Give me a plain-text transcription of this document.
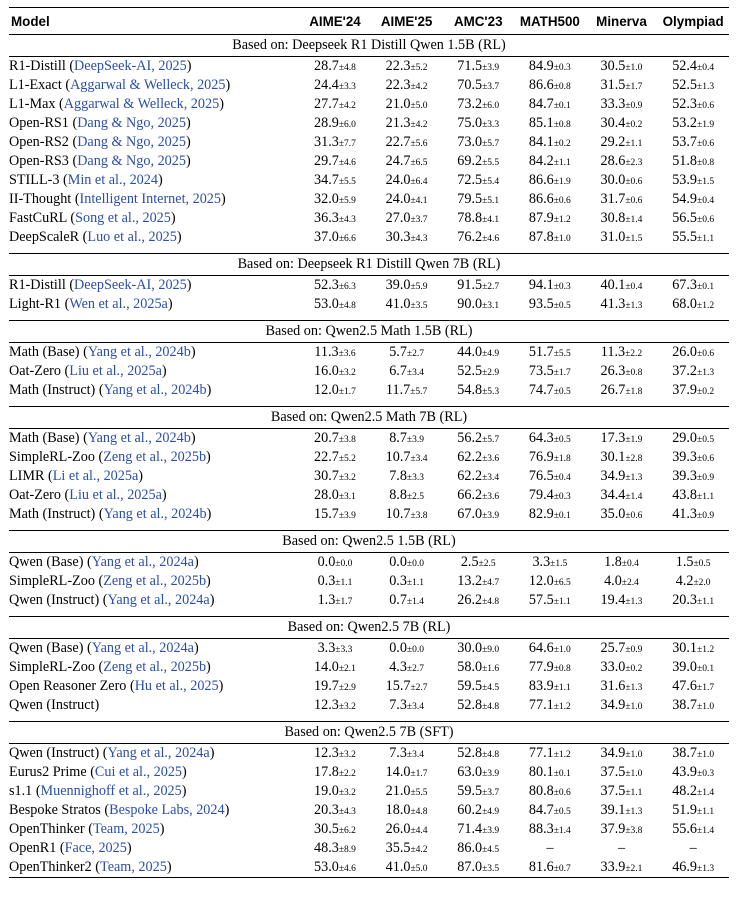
Model	AIME'24	AIME'25	AMC'23	MATH500	Minerva	Olympiad
Based on: Deepseek R1 Distill Qwen 1.5B (RL)						
R1-Distill (DeepSeek-AI, 2025)	28.7±4.8	22.3±5.2	71.5±3.9	84.9±0.3	30.5±1.0	52.4±0.4
L1-Exact (Aggarwal & Welleck, 2025)	24.4±3.3	22.3±4.2	70.5±3.7	86.6±0.8	31.5±1.7	52.5±1.3
L1-Max (Aggarwal & Welleck, 2025)	27.7±4.2	21.0±5.0	73.2±6.0	84.7±0.1	33.3±0.9	52.3±0.6
Open-RS1 (Dang & Ngo, 2025)	28.9±6.0	21.3±4.2	75.0±3.3	85.1±0.8	30.4±0.2	53.2±1.9
Open-RS2 (Dang & Ngo, 2025)	31.3±7.7	22.7±5.6	73.0±5.7	84.1±0.2	29.2±1.1	53.7±0.6
Open-RS3 (Dang & Ngo, 2025)	29.7±4.6	24.7±6.5	69.2±5.5	84.2±1.1	28.6±2.3	51.8±0.8
STILL-3 (Min et al., 2024)	34.7±5.5	24.0±6.4	72.5±5.4	86.6±1.9	30.0±0.6	53.9±1.5
II-Thought (Intelligent Internet, 2025)	32.0±5.9	24.0±4.1	79.5±5.1	86.6±0.6	31.7±0.6	54.9±0.4
FastCuRL (Song et al., 2025)	36.3±4.3	27.0±3.7	78.8±4.1	87.9±1.2	30.8±1.4	56.5±0.6
DeepScaleR (Luo et al., 2025)	37.0±6.6	30.3±4.3	76.2±4.6	87.8±1.0	31.0±1.5	55.5±1.1

Based on: Deepseek R1 Distill Qwen 7B (RL)						
R1-Distill (DeepSeek-AI, 2025)	52.3±6.3	39.0±5.9	91.5±2.7	94.1±0.3	40.1±0.4	67.3±0.1
Light-R1 (Wen et al., 2025a)	53.0±4.8	41.0±3.5	90.0±3.1	93.5±0.5	41.3±1.3	68.0±1.2

Based on: Qwen2.5 Math 1.5B (RL)						
Math (Base) (Yang et al., 2024b)	11.3±3.6	5.7±2.7	44.0±4.9	51.7±5.5	11.3±2.2	26.0±0.6
Oat-Zero (Liu et al., 2025a)	16.0±3.2	6.7±3.4	52.5±2.9	73.5±1.7	26.3±0.8	37.2±1.3
Math (Instruct) (Yang et al., 2024b)	12.0±1.7	11.7±5.7	54.8±5.3	74.7±0.5	26.7±1.8	37.9±0.2

Based on: Qwen2.5 Math 7B (RL)						
Math (Base) (Yang et al., 2024b)	20.7±3.8	8.7±3.9	56.2±5.7	64.3±0.5	17.3±1.9	29.0±0.5
SimpleRL-Zoo (Zeng et al., 2025b)	22.7±5.2	10.7±3.4	62.2±3.6	76.9±1.8	30.1±2.8	39.3±0.6
LIMR (Li et al., 2025a)	30.7±3.2	7.8±3.3	62.2±3.4	76.5±0.4	34.9±1.3	39.3±0.9
Oat-Zero (Liu et al., 2025a)	28.0±3.1	8.8±2.5	66.2±3.6	79.4±0.3	34.4±1.4	43.8±1.1
Math (Instruct) (Yang et al., 2024b)	15.7±3.9	10.7±3.8	67.0±3.9	82.9±0.1	35.0±0.6	41.3±0.9

Based on: Qwen2.5 1.5B (RL)						
Qwen (Base) (Yang et al., 2024a)	0.0±0.0	0.0±0.0	2.5±2.5	3.3±1.5	1.8±0.4	1.5±0.5
SimpleRL-Zoo (Zeng et al., 2025b)	0.3±1.1	0.3±1.1	13.2±4.7	12.0±6.5	4.0±2.4	4.2±2.0
Qwen (Instruct) (Yang et al., 2024a)	1.3±1.7	0.7±1.4	26.2±4.8	57.5±1.1	19.4±1.3	20.3±1.1

Based on: Qwen2.5 7B (RL)						
Qwen (Base) (Yang et al., 2024a)	3.3±3.3	0.0±0.0	30.0±9.0	64.6±1.0	25.7±0.9	30.1±1.2
SimpleRL-Zoo (Zeng et al., 2025b)	14.0±2.1	4.3±2.7	58.0±1.6	77.9±0.8	33.0±0.2	39.0±0.1
Open Reasoner Zero (Hu et al., 2025)	19.7±2.9	15.7±2.7	59.5±4.5	83.9±1.1	31.6±1.3	47.6±1.7
Qwen (Instruct)	12.3±3.2	7.3±3.4	52.8±4.8	77.1±1.2	34.9±1.0	38.7±1.0

Based on: Qwen2.5 7B (SFT)						
Qwen (Instruct) (Yang et al., 2024a)	12.3±3.2	7.3±3.4	52.8±4.8	77.1±1.2	34.9±1.0	38.7±1.0
Eurus2 Prime (Cui et al., 2025)	17.8±2.2	14.0±1.7	63.0±3.9	80.1±0.1	37.5±1.0	43.9±0.3
s1.1 (Muennighoff et al., 2025)	19.0±3.2	21.0±5.5	59.5±3.7	80.8±0.6	37.5±1.1	48.2±1.4
Bespoke Stratos (Bespoke Labs, 2024)	20.3±4.3	18.0±4.8	60.2±4.9	84.7±0.5	39.1±1.3	51.9±1.1
OpenThinker (Team, 2025)	30.5±6.2	26.0±4.4	71.4±3.9	88.3±1.4	37.9±3.8	55.6±1.4
OpenR1 (Face, 2025)	48.3±8.9	35.5±4.2	86.0±4.5	–	–	–
OpenThinker2 (Team, 2025)	53.0±4.6	41.0±5.0	87.0±3.5	81.6±0.7	33.9±2.1	46.9±1.3
